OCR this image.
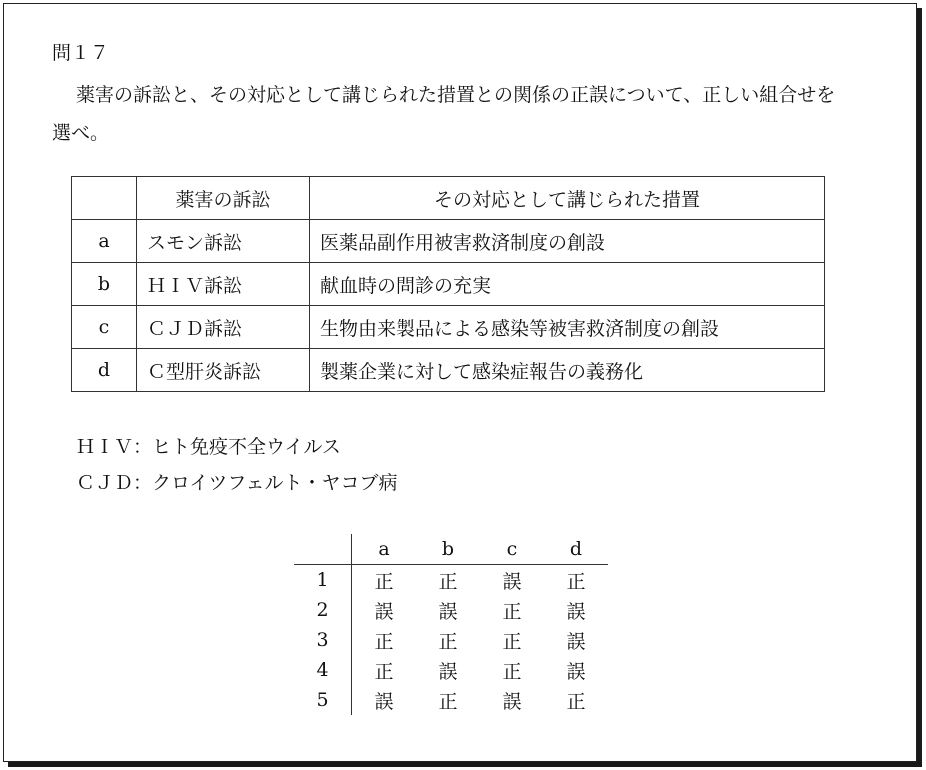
問１７
薬害の訴訟と、その対応として講じられた措置との関係の正誤について、正しい組合せを選べ。
	薬害の訴訟	その対応として講じられた措置
a	スモン訴訟	医薬品副作用被害救済制度の創設
b	ＨＩＶ訴訟	献血時の問診の充実
c	ＣＪＤ訴訟	生物由来製品による感染等被害救済制度の創設
d	Ｃ型肝炎訴訟	製薬企業に対して感染症報告の義務化
ＨＩＶ：ヒト免疫不全ウイルス
ＣＪＤ：クロイツフェルト・ヤコブ病
	a	b	c	d
1	正	正	誤	正
2	誤	誤	正	誤
3	正	正	正	誤
4	正	誤	正	誤
5	誤	正	誤	正
